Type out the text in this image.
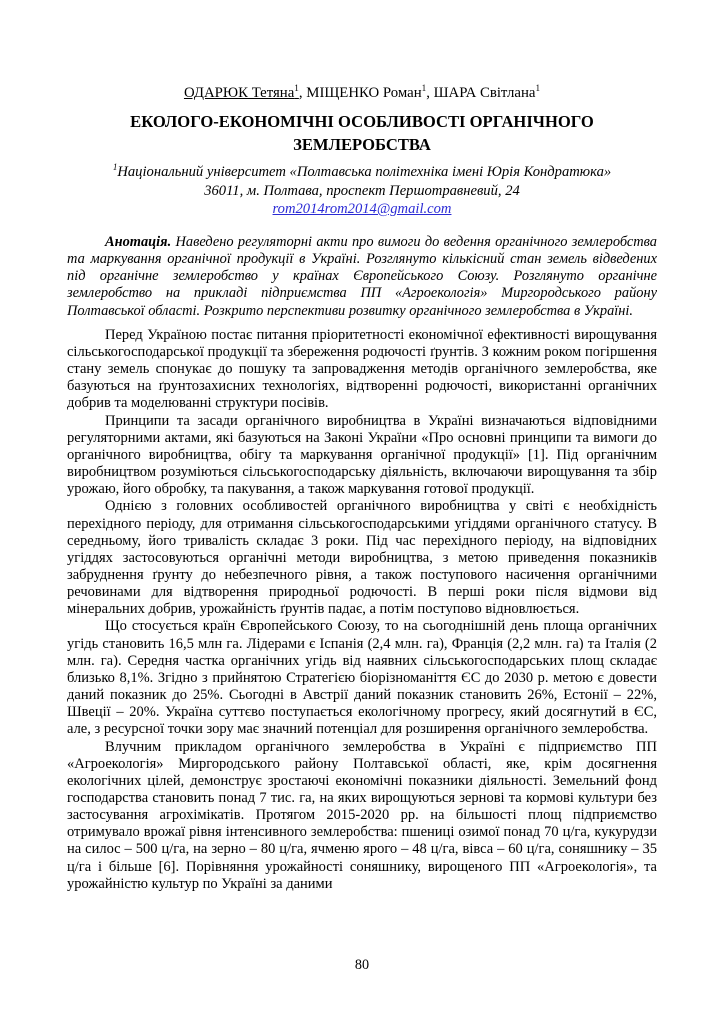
ОДАРЮК Тетяна$^1$, МІЩЕНКО Роман$^1$, ШАРА Світлана$^1$

ЕКОЛОГО-ЕКОНОМІЧНІ ОСОБЛИВОСТІ ОРГАНІЧНОГО ЗЕМЛЕРОБСТВА

$^1$Національний університет «Полтавська політехніка імені Юрія Кондратюка»

36011, м. Полтава, проспект Першотравневий, 24

rom2014rom2014@gmail.com

Анотація. Наведено регуляторні акти про вимоги до ведення органічного землеробства та маркування органічної продукції в Україні. Розглянуто кількісний стан земель відведених під органічне землеробство у країнах Європейського Союзу. Розглянуто органічне землеробство на прикладі підприємства ПП «Агроекологія» Миргородського району Полтавської області. Розкрито перспективи розвитку органічного землеробства в Україні.

Перед Україною постає питання пріоритетності економічної ефективності вирощування сільськогосподарської продукції та збереження родючості ґрунтів. З кожним роком погіршення стану земель спонукає до пошуку та запровадження методів органічного землеробства, яке базуються на ґрунтозахисних технологіях, відтворенні родючості, використанні органічних добрив та моделюванні структури посівів.

Принципи та засади органічного виробництва в Україні визначаються відповідними регуляторними актами, які базуються на Законі України «Про основні принципи та вимоги до органічного виробництва, обігу та маркування органічної продукції» [1]. Під органічним виробництвом розуміються сільськогосподарську діяльність, включаючи вирощування та збір урожаю, його обробку, та пакування, а також маркування готової продукції.

Однією з головних особливостей органічного виробництва у світі є необхідність перехідного періоду, для отримання сільськогосподарськими угіддями органічного статусу. В середньому, його тривалість складає 3 роки. Під час перехідного періоду, на відповідних угіддях застосовуються органічні методи виробництва, з метою приведення показників забруднення ґрунту до небезпечного рівня, а також поступового насичення органічними речовинами для відтворення природньої родючості. В перші роки після відмови від мінеральних добрив, урожайність ґрунтів падає, а потім поступово відновлюється.

Що стосується країн Європейського Союзу, то на сьогоднішній день площа органічних угідь становить 16,5 млн га. Лідерами є Іспанія (2,4 млн. га), Франція (2,2 млн. га) та Італія (2 млн. га). Середня частка органічних угідь від наявних сільськогосподарських площ складає близько 8,1%. Згідно з прийнятою Стратегією біорізноманіття ЄС до 2030 р. метою є довести даний показник до 25%. Сьогодні в Австрії даний показник становить 26%, Естонії – 22%, Швеції – 20%. Україна суттєво поступається екологічному прогресу, який досягнутий в ЄС, але, з ресурсної точки зору має значний потенціал для розширення органічного землеробства.

Влучним прикладом органічного землеробства в Україні є підприємство ПП «Агроекологія» Миргородського району Полтавської області, яке, крім досягнення екологічних цілей, демонструє зростаючі економічні показники діяльності. Земельний фонд господарства становить понад 7 тис. га, на яких вирощуються зернові та кормові культури без застосування агрохімікатів. Протягом 2015-2020 рр. на більшості площ підприємство отримувало врожаї рівня інтенсивного землеробства: пшениці озимої понад 70 ц/га, кукурудзи на силос – 500 ц/га, на зерно – 80 ц/га, ячменю ярого – 48 ц/га, вівса – 60 ц/га, соняшнику – 35 ц/га і більше [6]. Порівняння урожайності соняшнику, вирощеного ПП «Агроекологія», та урожайністю культур по Україні за даними

80
